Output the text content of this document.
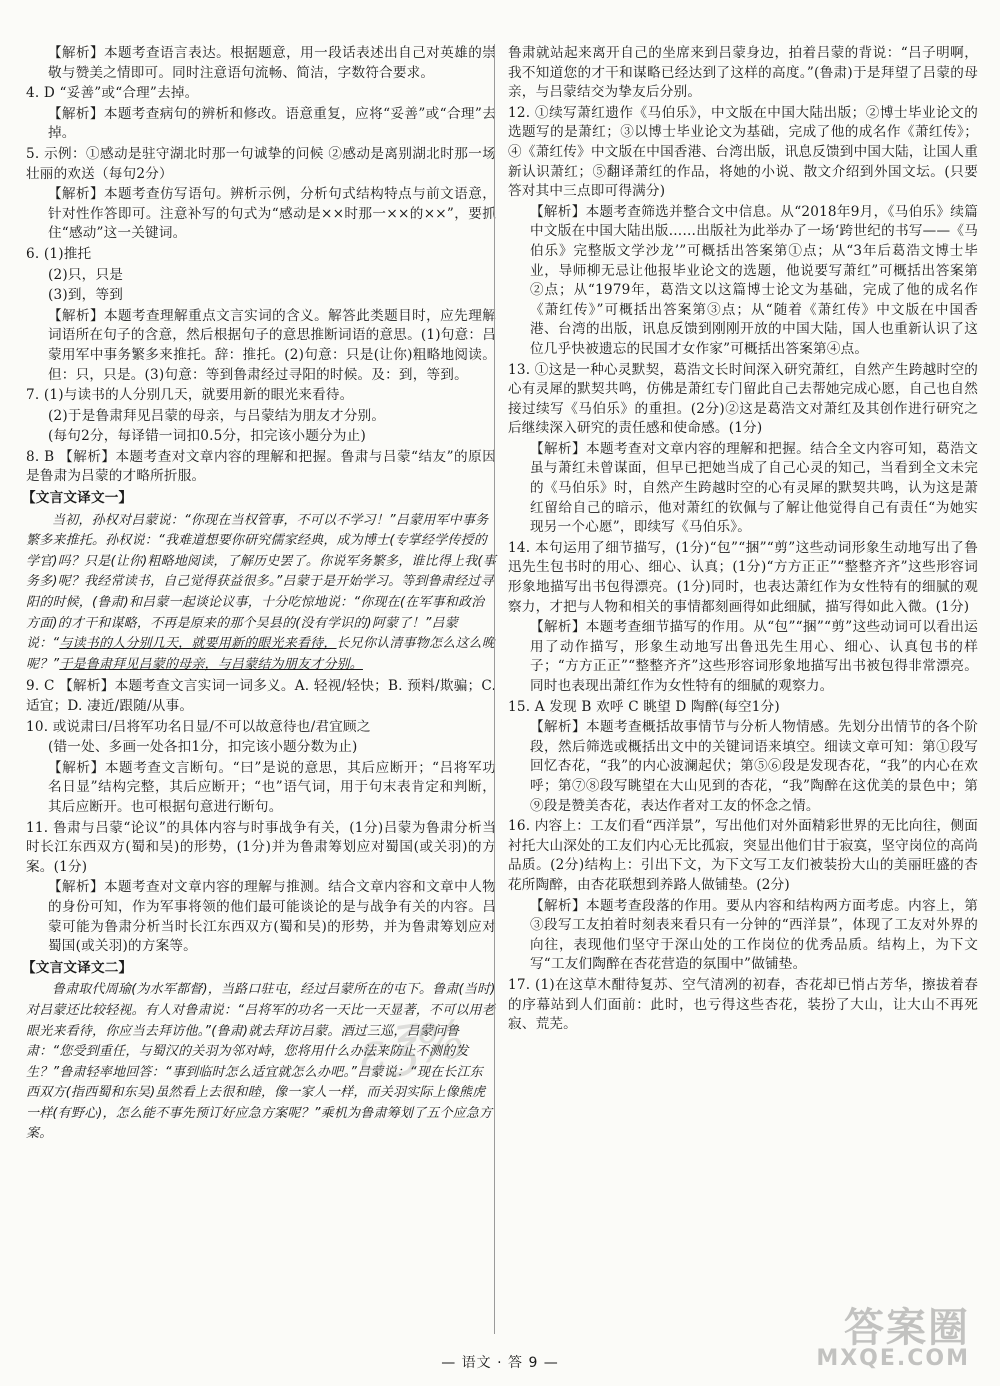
【解析】本题考查语言表达。根据题意，用一段话表述出自己对英雄的崇敬与赞美之情即可。同时注意语句流畅、简洁，字数符合要求。

4. D “妥善”或“合理”去掉。

【解析】本题考查病句的辨析和修改。语意重复，应将“妥善”或“合理”去掉。

5. 示例：①感动是驻守湖北时那一句诚挚的问候 ②感动是离别湖北时那一场壮丽的欢送（每句2分）

【解析】本题考查仿写语句。辨析示例，分析句式结构特点与前文语意，针对性作答即可。注意补写的句式为“感动是××时那一××的××”，要抓住“感动”这一关键词。

6. (1)推托

(2)只，只是

(3)到，等到

【解析】本题考查理解重点文言实词的含义。解答此类题目时，应先理解词语所在句子的含意，然后根据句子的意思推断词语的意思。(1)句意：吕蒙用军中事务繁多来推托。辞：推托。(2)句意：只是(让你)粗略地阅读。但：只，只是。(3)句意：等到鲁肃经过寻阳的时候。及：到，等到。

7. (1)与读书的人分别几天，就要用新的眼光来看待。

(2)于是鲁肃拜见吕蒙的母亲，与吕蒙结为朋友才分别。

(每句2分，每译错一词扣0.5分，扣完该小题分为止)

8. B 【解析】本题考查对文章内容的理解和把握。鲁肃与吕蒙“结友”的原因是鲁肃为吕蒙的才略所折服。

【文言文译文一】

当初，孙权对吕蒙说：“你现在当权管事，不可以不学习！”吕蒙用军中事务繁多来推托。孙权说：“我难道想要你研究儒家经典，成为博士(专掌经学传授的学官)吗？只是(让你)粗略地阅读，了解历史罢了。你说军务繁多，谁比得上我(事务多)呢？我经常读书，自己觉得获益很多。”吕蒙于是开始学习。等到鲁肃经过寻阳的时候，(鲁肃)和吕蒙一起谈论议事，十分吃惊地说：“你现在(在军事和政治方面)的才干和谋略，不再是原来的那个吴县的(没有学识的)阿蒙了！”吕蒙说：“与读书的人分别几天，就要用新的眼光来看待，长兄你认清事物怎么这么晚呢？”于是鲁肃拜见吕蒙的母亲，与吕蒙结为朋友才分别。

9. C 【解析】本题考查文言实词一词多义。A. 轻视/轻快；B. 预料/欺骗；C. 适宜；D. 凄近/跟随/从事。

10. 或说肃曰/吕将军功名日显/不可以故意待也/君宜顾之

(错一处、多画一处各扣1分，扣完该小题分数为止)

【解析】本题考查文言断句。“曰”是说的意思，其后应断开；“吕将军功名日显”结构完整，其后应断开；“也”语气词，用于句末表肯定和判断，其后应断开。也可根据句意进行断句。

11. 鲁肃与吕蒙“论议”的具体内容与时事战争有关，(1分)吕蒙为鲁肃分析当时长江东西双方(蜀和吴)的形势，(1分)并为鲁肃筹划应对蜀国(或关羽)的方案。(1分)

【解析】本题考查对文章内容的理解与推测。结合文章内容和文章中人物的身份可知，作为军事将领的他们最可能谈论的是与战争有关的内容。吕蒙可能为鲁肃分析当时长江东西双方(蜀和吴)的形势，并为鲁肃筹划应对蜀国(或关羽)的方案等。

【文言文译文二】

鲁肃取代周瑜(为水军都督)，当路口驻屯，经过吕蒙所在的屯下。鲁肃(当时)对吕蒙还比较轻视。有人对鲁肃说：“吕将军的功名一天比一天显著，不可以用老眼光来看待，你应当去拜访他。”(鲁肃)就去拜访吕蒙。酒过三巡，吕蒙问鲁肃：“您受到重任，与蜀汉的关羽为邻对峙，您将用什么办法来防止不测的发生？”鲁肃轻率地回答：“事到临时怎么适宜就怎么办吧。”吕蒙说：“现在长江东西双方(指西蜀和东吴)虽然看上去很和睦，像一家人一样，而关羽实际上像熊虎一样(有野心)，怎么能不事先预订好应急方案呢？”乘机为鲁肃筹划了五个应急方案。

鲁肃就站起来离开自己的坐席来到吕蒙身边，拍着吕蒙的背说：“吕子明啊，我不知道您的才干和谋略已经达到了这样的高度。”(鲁肃)于是拜望了吕蒙的母亲，与吕蒙结交为挚友后分别。

12. ①续写萧红遗作《马伯乐》，中文版在中国大陆出版；②博士毕业论文的选题写的是萧红；③以博士毕业论文为基础，完成了他的成名作《萧红传》；④《萧红传》中文版在中国香港、台湾出版，讯息反馈到中国大陆，让国人重新认识萧红；⑤翻译萧红的作品，将她的小说、散文介绍到外国文坛。(只要答对其中三点即可得满分)

【解析】本题考查筛选并整合文中信息。从“2018年9月，《马伯乐》续篇中文版在中国大陆出版……出版社为此举办了一场‘跨世纪的书写——《马伯乐》完整版文学沙龙’”可概括出答案第①点；从“3年后葛浩文博士毕业，导师柳无忌让他报毕业论文的选题，他说要写萧红”可概括出答案第②点；从“1979年，葛浩文以这篇博士论文为基础，完成了他的成名作《萧红传》”可概括出答案第③点；从“随着《萧红传》中文版在中国香港、台湾的出版，讯息反馈到刚刚开放的中国大陆，国人也重新认识了这位几乎快被遗忘的民国才女作家”可概括出答案第④点。

13. ①这是一种心灵默契，葛浩文长时间深入研究萧红，自然产生跨越时空的心有灵犀的默契共鸣，仿佛是萧红专门留此自己去帮她完成心愿，自己也自然接过续写《马伯乐》的重担。(2分)②这是葛浩文对萧红及其创作进行研究之后继续深入研究的责任感和使命感。(1分)

【解析】本题考查对文章内容的理解和把握。结合全文内容可知，葛浩文虽与萧红未曾谋面，但早已把她当成了自己心灵的知己，当看到全文未完的《马伯乐》时，自然产生跨越时空的心有灵犀的默契共鸣，认为这是萧红留给自己的暗示，他对萧红的钦佩与了解让他觉得自己有责任“为她实现另一个心愿”，即续写《马伯乐》。

14. 本句运用了细节描写，(1分)“包”“捆”“剪”这些动词形象生动地写出了鲁迅先生包书时的用心、细心、认真；(1分)“方方正正”“整整齐齐”这些形容词形象地描写出书包得漂亮。(1分)同时，也表达萧红作为女性特有的细腻的观察力，才把与人物和相关的事情都刻画得如此细腻，描写得如此入微。(1分)

【解析】本题考查细节描写的作用。从“包”“捆”“剪”这些动词可以看出运用了动作描写，形象生动地写出鲁迅先生用心、细心、认真包书的样子；“方方正正”“整整齐齐”这些形容词形象地描写出书被包得非常漂亮。同时也表现出萧红作为女性特有的细腻的观察力。

15. A 发现 B 欢呼 C 眺望 D 陶醉(每空1分)

【解析】本题考查概括故事情节与分析人物情感。先划分出情节的各个阶段，然后筛选或概括出文中的关键词语来填空。细读文章可知：第①段写回忆杏花，“我”的内心波澜起伏；第⑤⑥段是发现杏花，“我”的内心在欢呼；第⑦⑧段写眺望在大山见到的杏花，“我”陶醉在这优美的景色中；第⑨段是赞美杏花，表达作者对工友的怀念之情。

16. 内容上：工友们看“西洋景”，写出他们对外面精彩世界的无比向往，侧面衬托大山深处的工友们内心无比孤寂，突显出他们甘于寂寞，坚守岗位的高尚品质。(2分)结构上：引出下文，为下文写工友们被装扮大山的美丽旺盛的杏花所陶醉，由杏花联想到养路人做铺垫。(2分)

【解析】本题考查段落的作用。要从内容和结构两方面考虑。内容上，第③段写工友拍着时刻表来看只有一分钟的“西洋景”，体现了工友对外界的向往，表现他们坚守于深山处的工作岗位的优秀品质。结构上，为下文写“工友们陶醉在杏花营造的氛围中”做铺垫。

17. (1)在这草木酣待复苏、空气清冽的初春，杏花却已悄占芳华，擦拔着春的序幕站到人们面前：此时，也亏得这些杏花，装扮了大山，让大山不再死寂、荒芜。

ε℥%
— 语文 · 答 9 —
答案圈
MXQE.COM
